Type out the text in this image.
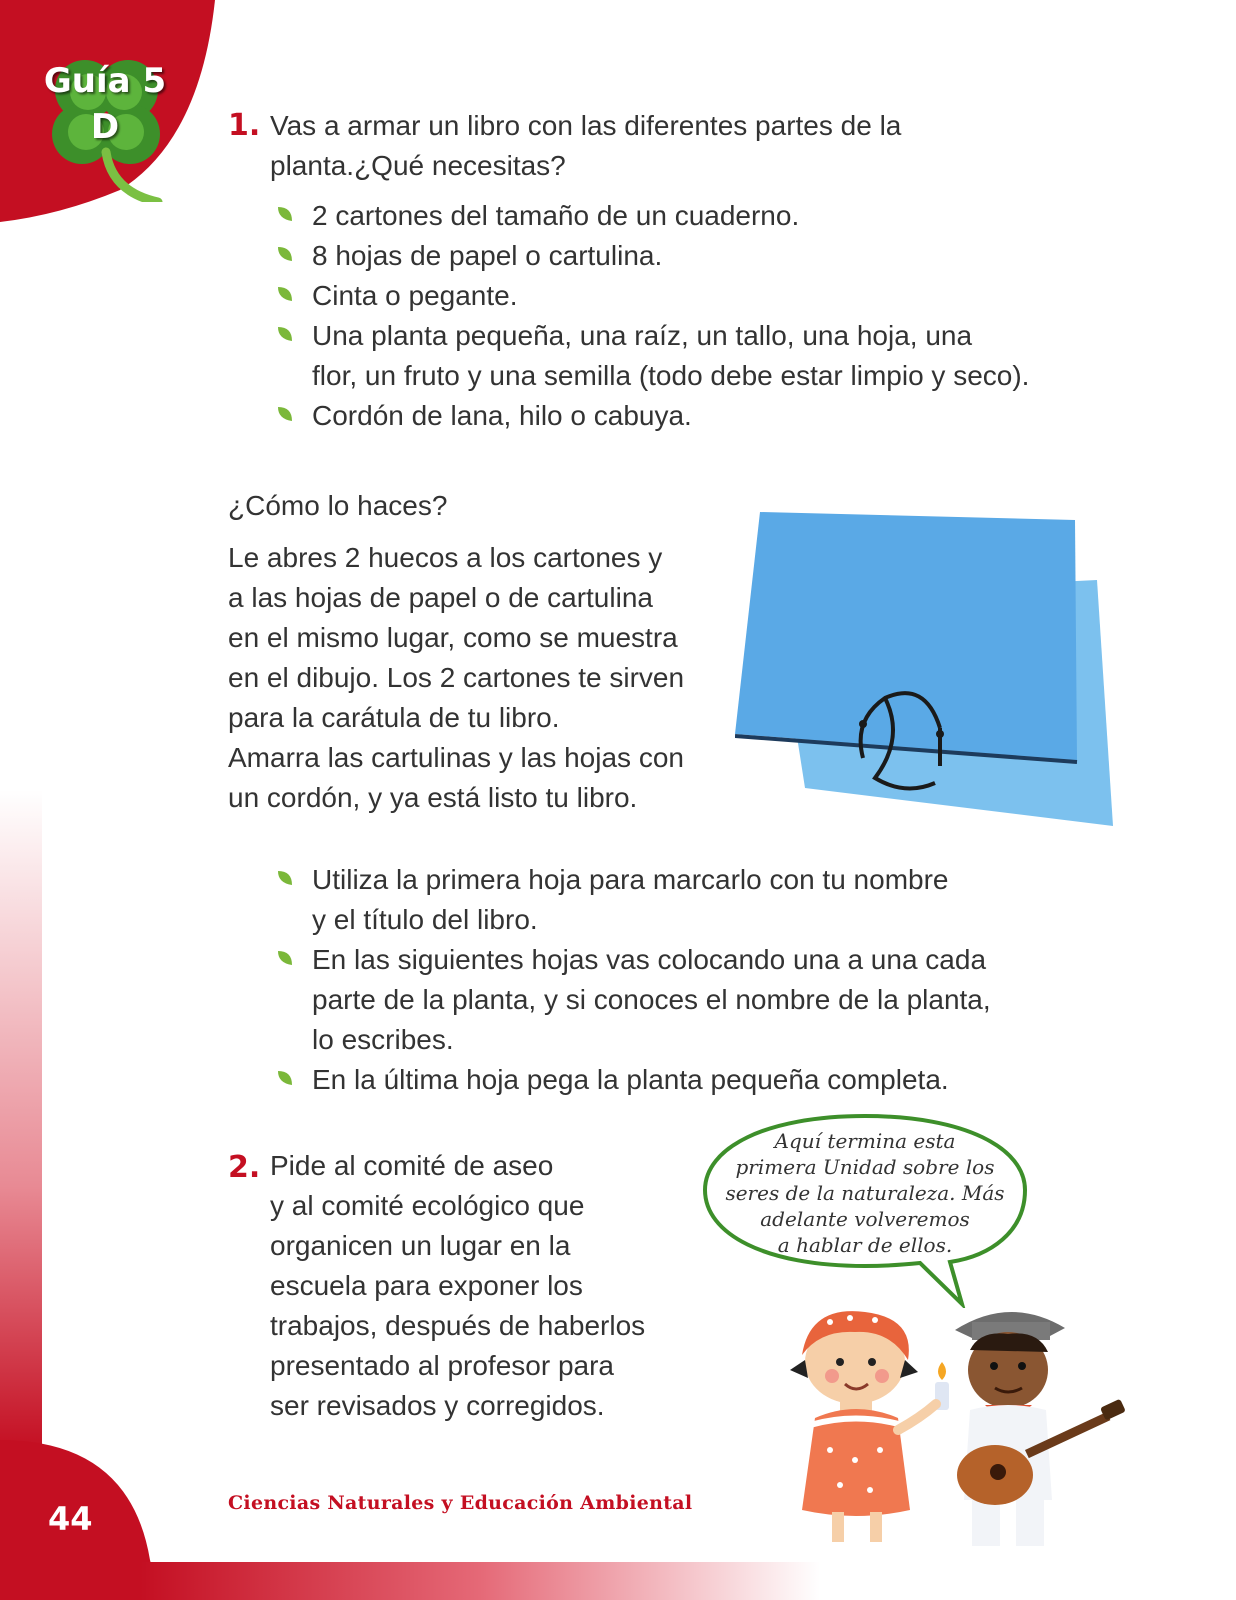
Guía 5
D	1. Vas a armar un libro con las diferentes partes de la
planta.¿Qué necesitas?
2 cartones del tamaño de un cuaderno.
8 hojas de papel o cartulina.
Cinta o pegante.
Una planta pequeña, una raíz, un tallo, una hoja, una
flor, un fruto y una semilla (todo debe estar limpio y seco).
Cordón de lana, hilo o cabuya.
¿Cómo lo haces?
Le abres 2 huecos a los cartones y
a las hojas de papel o de cartulina
en el mismo lugar, como se muestra
en el dibujo. Los 2 cartones te sirven
para la carátula de tu libro.
Amarra las cartulinas y las hojas con
un cordón, y ya está listo tu libro.
Utiliza la primera hoja para marcarlo con tu nombre
y el título del libro.
En las siguientes hojas vas colocando una a una cada
parte de la planta, y si conoces el nombre de la planta,
lo escribes.
En la última hoja pega la planta pequeña completa.
2. Pide al comité de aseo
y al comité ecológico que
organicen un lugar en la
escuela para exponer los
trabajos, después de haberlos
presentado al profesor para
ser revisados y corregidos.
Aquí termina esta
primera Unidad sobre los
seres de la naturaleza. Más
adelante volveremos
a hablar de ellos.
44	Ciencias Naturales y Educación Ambiental
